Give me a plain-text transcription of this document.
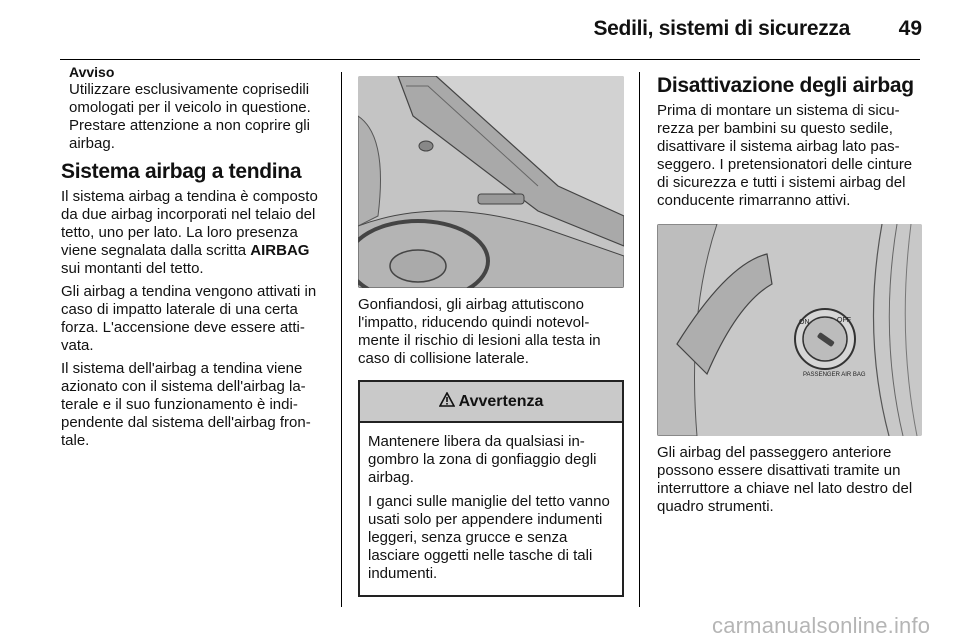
Sedili, sistemi di sicurezza	49
Avviso
Utilizzare esclusivamente coprisedili omologati per il veicolo in questione. Prestare attenzione a non coprire gli airbag.
Sistema airbag a tendina

Il sistema airbag a tendina è composto da due airbag incorporati nel telaio del tetto, uno per lato. La loro presenza viene segnalata dalla scritta AIRBAG sui montanti del tetto.

Gli airbag a tendina vengono attivati in caso di impatto laterale di una certa forza. L'accensione deve essere attivata.

Il sistema dell'airbag a tendina viene azionato con il sistema dell'airbag laterale e il suo funzionamento è indipendente dal sistema dell'airbag frontale.

Gonfiandosi, gli airbag attutiscono l'impatto, riducendo quindi notevolmente il rischio di lesioni alla testa in caso di collisione laterale.

Avvertenza

Mantenere libera da qualsiasi ingombro la zona di gonfiaggio degli airbag.

I ganci sulle maniglie del tetto vanno usati solo per appendere indumenti leggeri, senza grucce e senza lasciare oggetti nelle tasche di tali indumenti.

Disattivazione degli airbag

Prima di montare un sistema di sicurezza per bambini su questo sedile, disattivare il sistema airbag lato passeggero. I pretensionatori delle cinture di sicurezza e tutti i sistemi airbag del conducente rimarranno attivi.

ON	OFF
PASSENGER AIR BAG

Gli airbag del passeggero anteriore possono essere disattivati tramite un interruttore a chiave nel lato destro del quadro strumenti.

carmanualsonline.info
